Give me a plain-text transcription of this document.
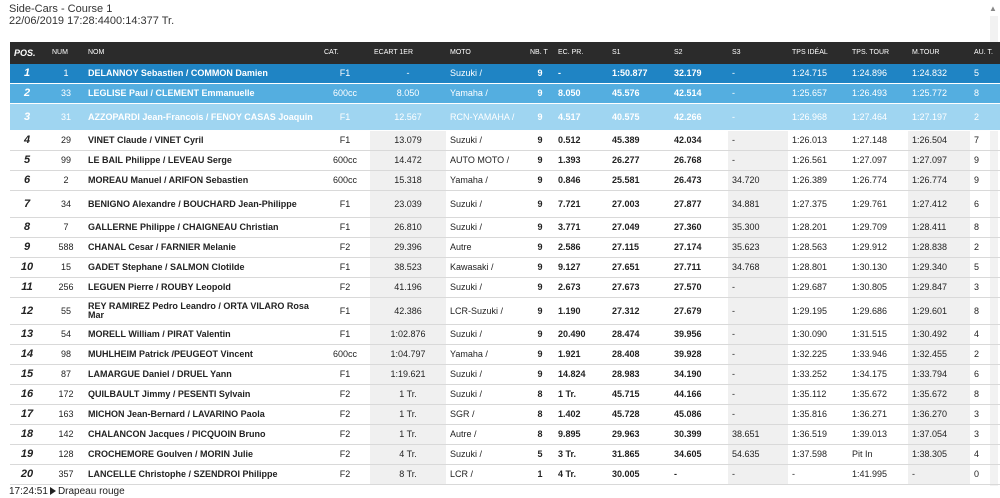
Side-Cars - Course 1
22/06/2019 17:28:4400:14:377 Tr.
▲
POS.	NUM	NOM	CAT.	ECART 1ER	MOTO	NB. T	EC. PR.	S1	S2	S3	TPS IDÉAL	TPS. TOUR	M.TOUR	AU. T.
1	1	DELANNOY Sebastien / COMMON Damien	F1	-	Suzuki /	9	-	1:50.877	32.179	-	1:24.715	1:24.896	1:24.832	5
2	33	LEGLISE Paul / CLEMENT Emmanuelle	600cc	8.050	Yamaha /	9	8.050	45.576	42.514	-	1:25.657	1:26.493	1:25.772	8
3	31	AZZOPARDI Jean-Francois / FENOY CASAS Joaquin	F1	12.567	RCN-YAMAHA /	9	4.517	40.575	42.266	-	1:26.968	1:27.464	1:27.197	2
4	29	VINET Claude / VINET Cyril	F1	13.079	Suzuki /	9	0.512	45.389	42.034	-	1:26.013	1:27.148	1:26.504	7
5	99	LE BAIL Philippe / LEVEAU Serge	600cc	14.472	AUTO MOTO /	9	1.393	26.277	26.768	-	1:26.561	1:27.097	1:27.097	9
6	2	MOREAU Manuel / ARIFON Sebastien	600cc	15.318	Yamaha /	9	0.846	25.581	26.473	34.720	1:26.389	1:26.774	1:26.774	9
7	34	BENIGNO Alexandre / BOUCHARD Jean-Philippe	F1	23.039	Suzuki /	9	7.721	27.003	27.877	34.881	1:27.375	1:29.761	1:27.412	6
8	7	GALLERNE Philippe / CHAIGNEAU Christian	F1	26.810	Suzuki /	9	3.771	27.049	27.360	35.300	1:28.201	1:29.709	1:28.411	8
9	588	CHANAL Cesar / FARNIER Melanie	F2	29.396	Autre	9	2.586	27.115	27.174	35.623	1:28.563	1:29.912	1:28.838	2
10	15	GADET Stephane / SALMON Clotilde	F1	38.523	Kawasaki /	9	9.127	27.651	27.711	34.768	1:28.801	1:30.130	1:29.340	5
11	256	LEGUEN Pierre / ROUBY Leopold	F2	41.196	Suzuki /	9	2.673	27.673	27.570	-	1:29.687	1:30.805	1:29.847	3
12	55	REY RAMIREZ Pedro Leandro / ORTA VILARO Rosa Mar	F1	42.386	LCR-Suzuki /	9	1.190	27.312	27.679	-	1:29.195	1:29.686	1:29.601	8
13	54	MORELL William / PIRAT Valentin	F1	1:02.876	Suzuki /	9	20.490	28.474	39.956	-	1:30.090	1:31.515	1:30.492	4
14	98	MUHLHEIM Patrick /PEUGEOT Vincent	600cc	1:04.797	Yamaha /	9	1.921	28.408	39.928	-	1:32.225	1:33.946	1:32.455	2
15	87	LAMARGUE Daniel / DRUEL Yann	F1	1:19.621	Suzuki /	9	14.824	28.983	34.190	-	1:33.252	1:34.175	1:33.794	6
16	172	QUILBAULT Jimmy / PESENTI Sylvain	F2	1 Tr.	Suzuki /	8	1 Tr.	45.715	44.166	-	1:35.112	1:35.672	1:35.672	8
17	163	MICHON Jean-Bernard / LAVARINO Paola	F2	1 Tr.	SGR /	8	1.402	45.728	45.086	-	1:35.816	1:36.271	1:36.270	3
18	142	CHALANCON Jacques / PICQUOIN Bruno	F2	1 Tr.	Autre /	8	9.895	29.963	30.399	38.651	1:36.519	1:39.013	1:37.054	3
19	128	CROCHEMORE Goulven / MORIN Julie	F2	4 Tr.	Suzuki /	5	3 Tr.	31.865	34.605	54.635	1:37.598	Pit In	1:38.305	4
20	357	LANCELLE Christophe / SZENDROI Philippe	F2	8 Tr.	LCR /	1	4 Tr.	30.005	-	-	-	1:41.995	-	0
17:24:51 Drapeau rouge
